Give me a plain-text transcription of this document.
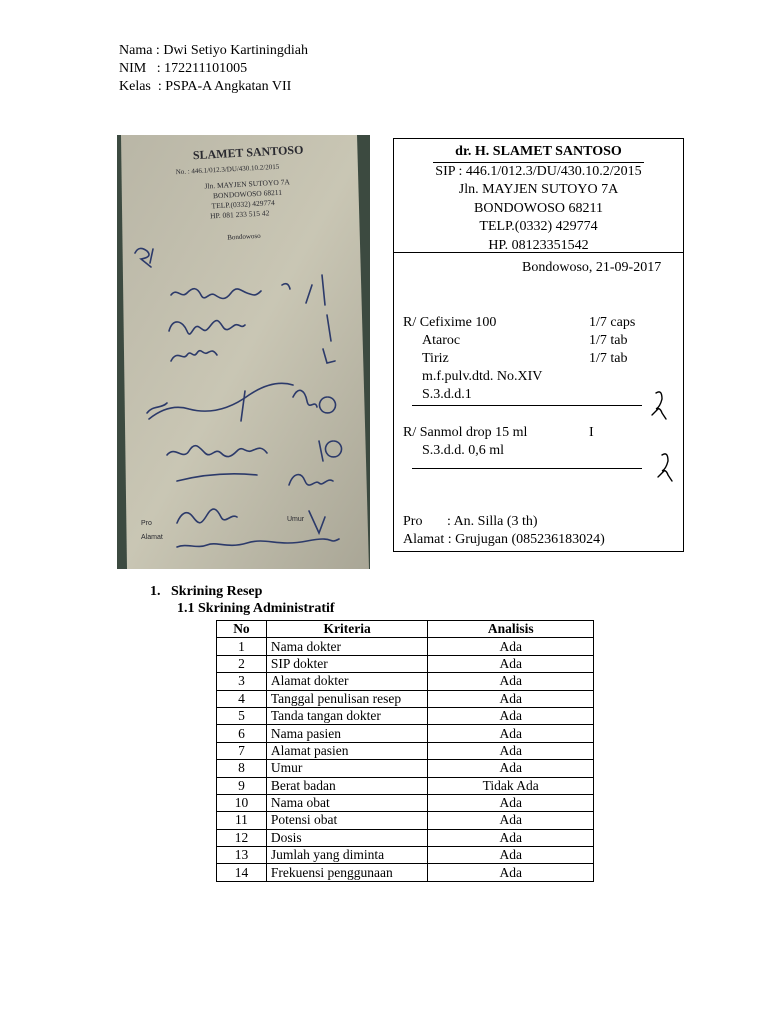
Nama : Dwi Setiyo Kartiningdiah
NIM   : 172211101005
Kelas  : PSPA-A Angkatan VII
SLAMET SANTOSO
No. : 446.1/012.3/DU/430.10.2/2015
Jln. MAYJEN SUTOYO 7A
BONDOWOSO 68211
TELP.(0332) 429774
HP. 081 233 515 42
Bondowoso
Pro
Umur
Alamat
dr. H. SLAMET SANTOSO
SIP : 446.1/012.3/DU/430.10.2/2015
Jln. MAYJEN SUTOYO 7A
BONDOWOSO 68211
TELP.(0332) 429774
HP. 08123351542
Bondowoso, 21-09-2017
R/ Cefixime 100	1/7 caps
Ataroc	1/7 tab
Tiriz	1/7 tab
m.f.pulv.dtd. No.XIV
S.3.d.d.1
R/ Sanmol drop 15 ml	I
S.3.d.d. 0,6 ml
Pro       : An. Silla (3 th)
Alamat : Grujugan (085236183024)
1.   Skrining Resep
1.1 Skrining Administratif
No	Kriteria	Analisis
1	Nama dokter	Ada
2	SIP dokter	Ada
3	Alamat dokter	Ada
4	Tanggal penulisan resep	Ada
5	Tanda tangan dokter	Ada
6	Nama pasien	Ada
7	Alamat pasien	Ada
8	Umur	Ada
9	Berat badan	Tidak Ada
10	Nama obat	Ada
11	Potensi obat	Ada
12	Dosis	Ada
13	Jumlah yang diminta	Ada
14	Frekuensi penggunaan	Ada
